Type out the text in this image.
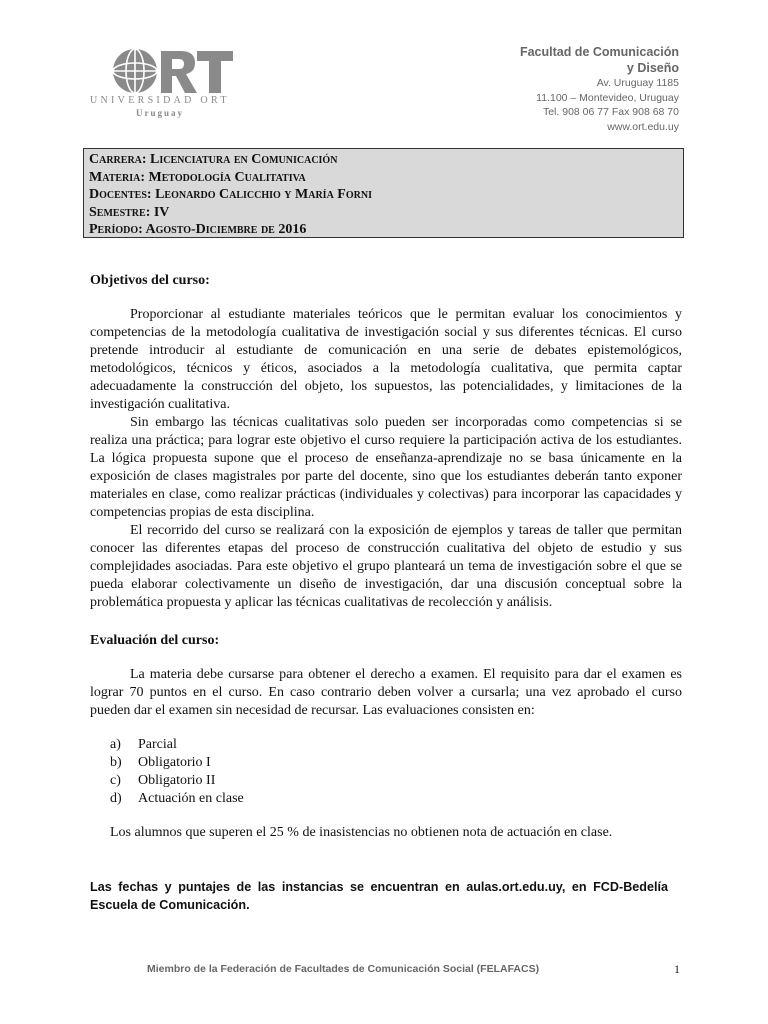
UNIVERSIDAD ORT
Uruguay
Facultad de Comunicación
y Diseño
Av. Uruguay 1185
11.100 – Montevideo, Uruguay
Tel. 908 06 77 Fax 908 68 70
www.ort.edu.uy
Carrera: Licenciatura en Comunicación
Materia: Metodología Cualitativa
Docentes: Leonardo Calicchio y María Forni
Semestre: IV
Período: Agosto-Diciembre de 2016

Objetivos del curso:

Proporcionar al estudiante materiales teóricos que le permitan evaluar los conocimientos y competencias de la metodología cualitativa de investigación social y sus diferentes técnicas. El curso pretende introducir al estudiante de comunicación en una serie de debates epistemológicos, metodológicos, técnicos y éticos, asociados a la metodología cualitativa, que permita captar adecuadamente la construcción del objeto, los supuestos, las potencialidades, y limitaciones de la investigación cualitativa.

Sin embargo las técnicas cualitativas solo pueden ser incorporadas como competencias si se realiza una práctica; para lograr este objetivo el curso requiere la participación activa de los estudiantes. La lógica propuesta supone que el proceso de enseñanza-aprendizaje no se basa únicamente en la exposición de clases magistrales por parte del docente, sino que los estudiantes deberán tanto exponer materiales en clase, como realizar prácticas (individuales y colectivas) para incorporar las capacidades y competencias propias de esta disciplina.

El recorrido del curso se realizará con la exposición de ejemplos y tareas de taller que permitan conocer las diferentes etapas del proceso de construcción cualitativa del objeto de estudio y sus complejidades asociadas. Para este objetivo el grupo planteará un tema de investigación sobre el que se pueda elaborar colectivamente un diseño de investigación, dar una discusión conceptual sobre la problemática propuesta y aplicar las técnicas cualitativas de recolección y análisis.

Evaluación del curso:

La materia debe cursarse para obtener el derecho a examen. El requisito para dar el examen es lograr 70 puntos en el curso. En caso contrario deben volver a cursarla; una vez aprobado el curso pueden dar el examen sin necesidad de recursar. Las evaluaciones consisten en:

a) Parcial
b) Obligatorio I
c) Obligatorio II
d) Actuación en clase

Los alumnos que superen el 25 % de inasistencias no obtienen nota de actuación en clase.

Las fechas y puntajes de las instancias se encuentran en aulas.ort.edu.uy, en FCD-Bedelía Escuela de Comunicación.
Miembro de la Federación de Facultades de Comunicación Social (FELAFACS)	1
